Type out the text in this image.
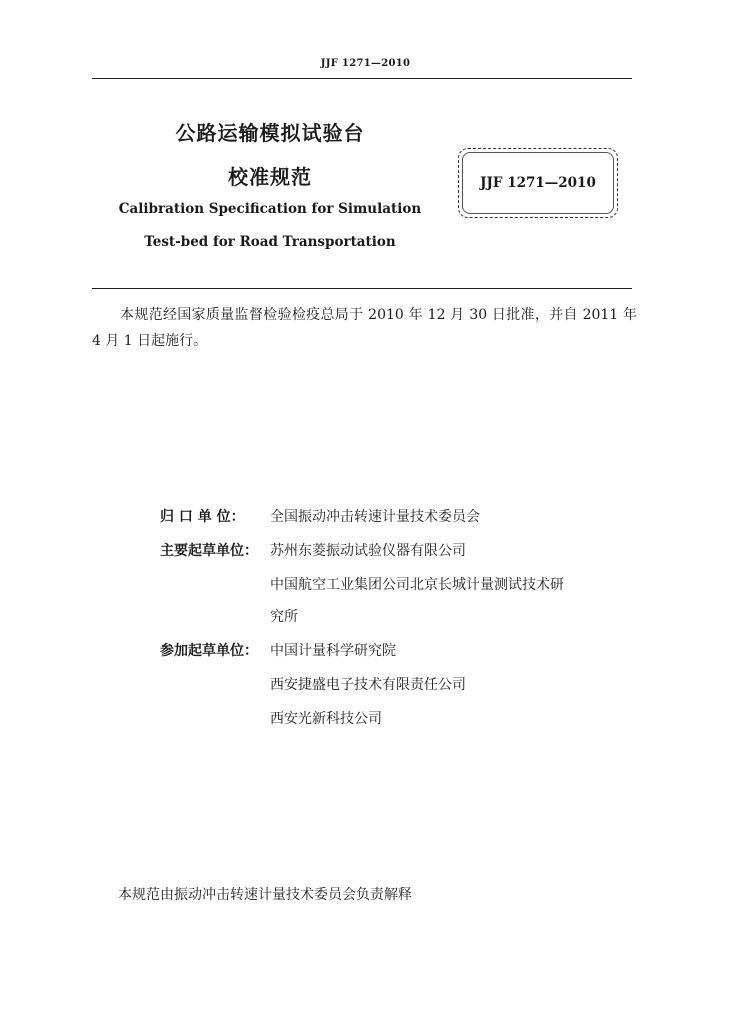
JJF 1271—2010
公路运输模拟试验台
校准规范
Calibration Specification for Simulation
Test-bed for Road Transportation
JJF 1271—2010
本规范经国家质量监督检验检疫总局于 2010 年 12 月 30 日批准，并自 2011 年 4 月 1 日起施行。
归 口 单 位： 全国振动冲击转速计量技术委员会
主要起草单位： 苏州东菱振动试验仪器有限公司
中国航空工业集团公司北京长城计量测试技术研
究所
参加起草单位： 中国计量科学研究院
西安捷盛电子技术有限责任公司
西安光新科技公司
本规范由振动冲击转速计量技术委员会负责解释
